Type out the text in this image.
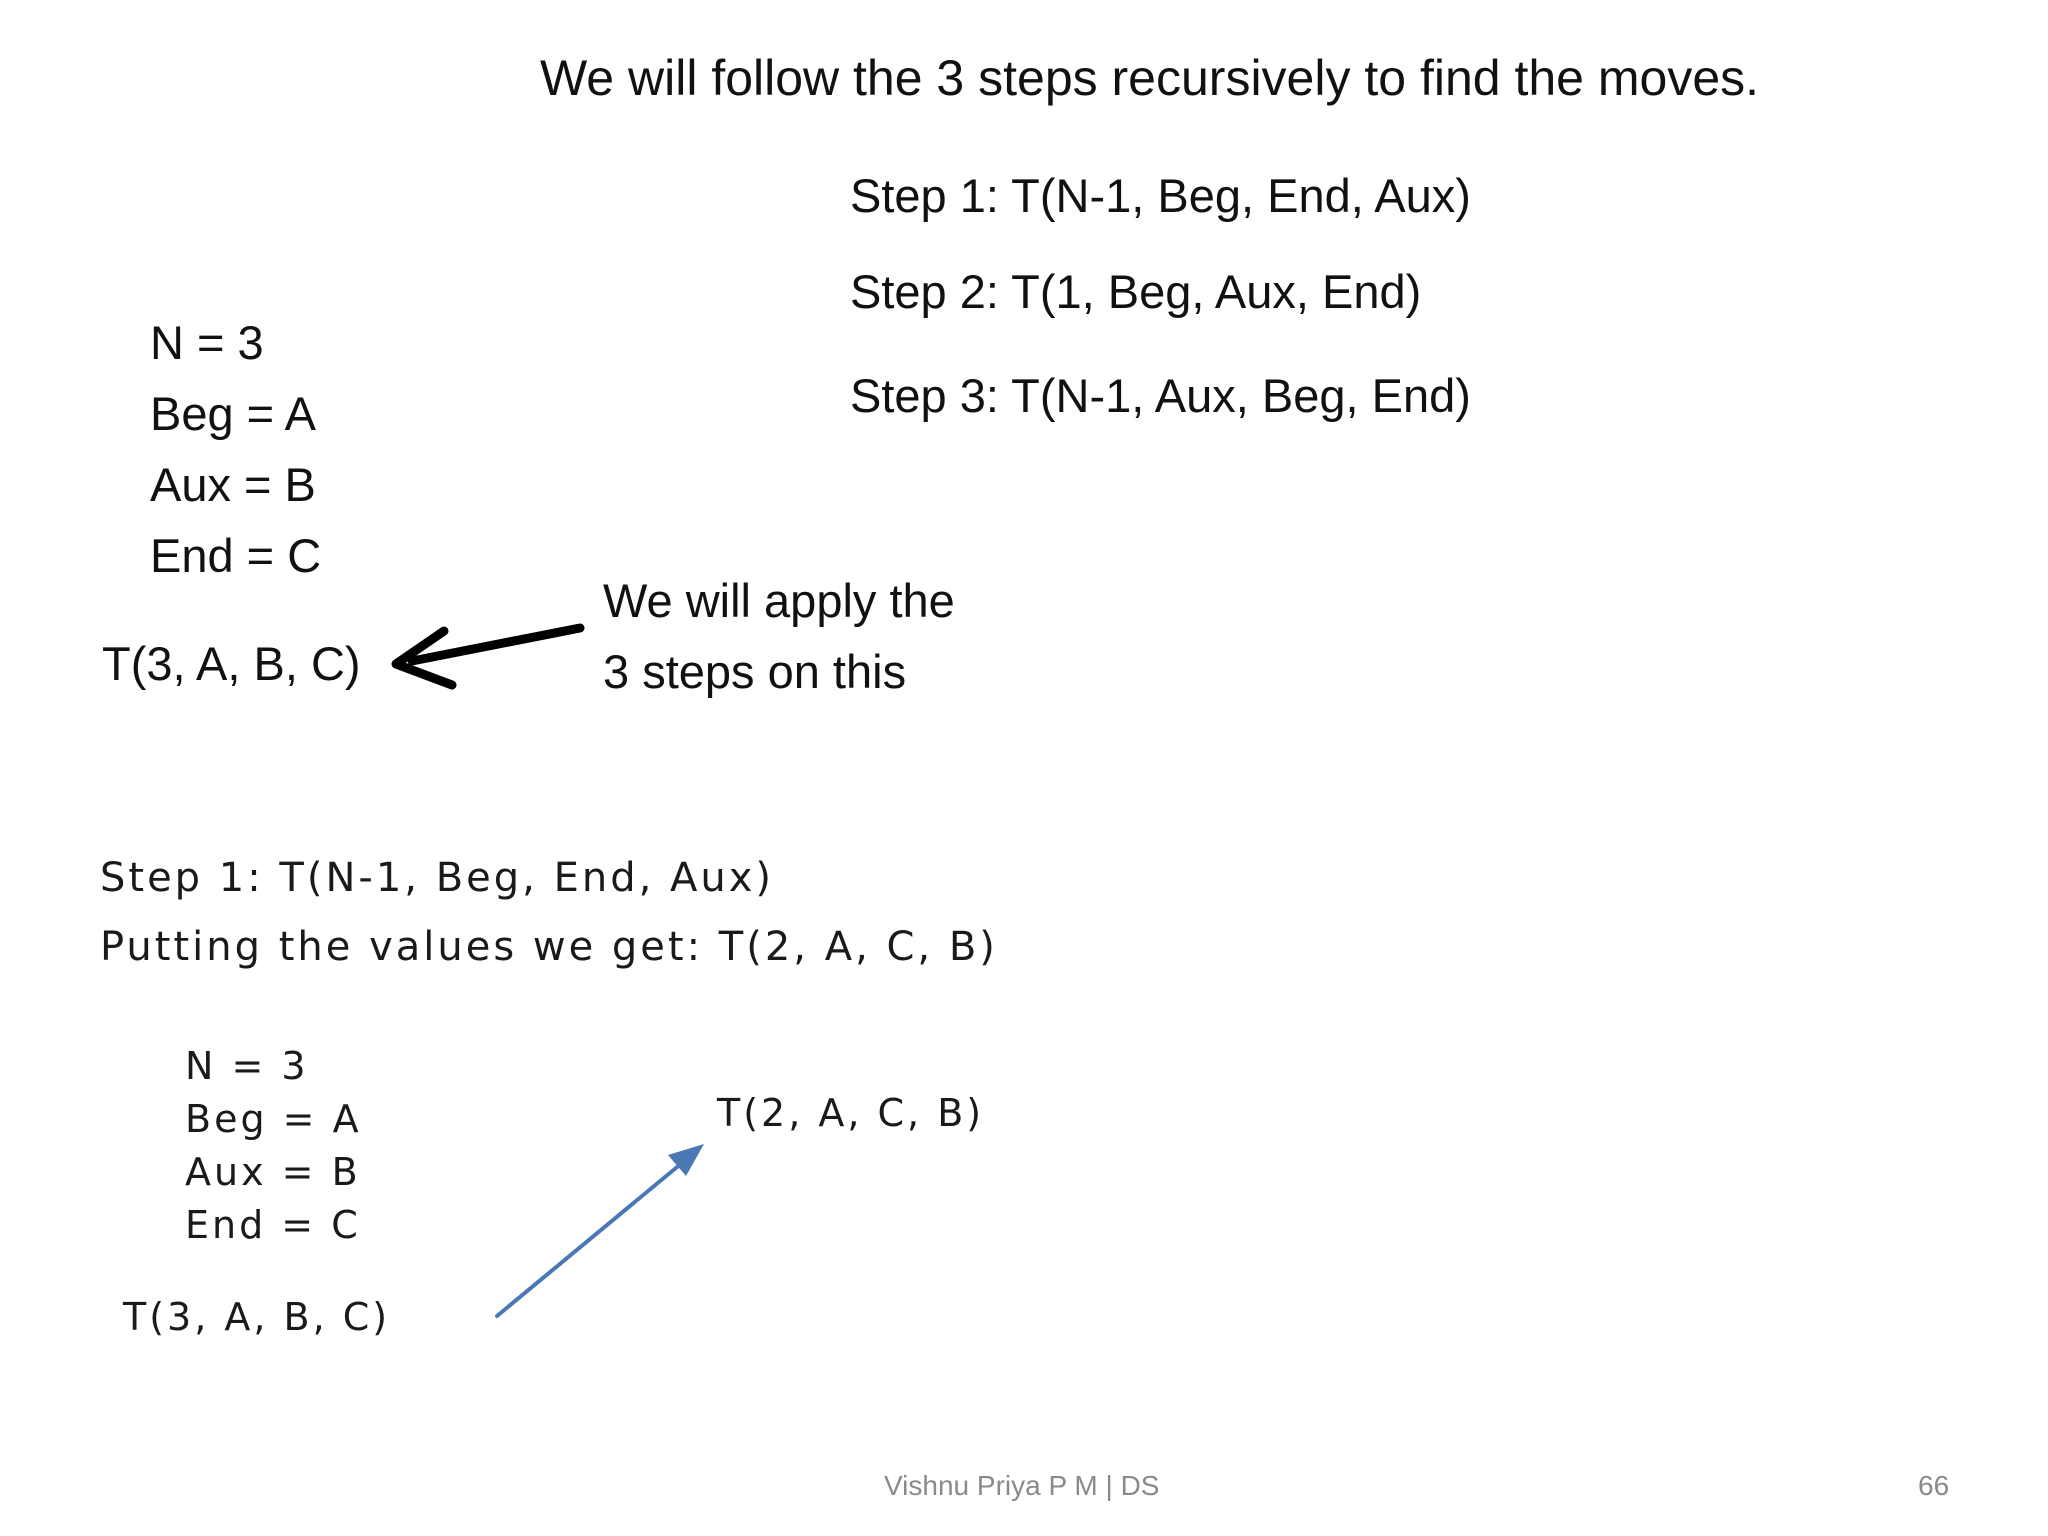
We will follow the 3 steps recursively to find the moves.
Step 1: T(N-1, Beg, End, Aux)
Step 2: T(1, Beg, Aux, End)
Step 3: T(N-1, Aux, Beg, End)
N = 3
Beg = A
Aux = B
End = C
T(3, A, B, C)
We will apply the
3 steps on this
Step 1: T(N-1, Beg, End, Aux)
Putting the values we get: T(2, A, C, B)
N = 3
Beg = A
Aux = B
End = C
T(2, A, C, B)
T(3, A, B, C)
Vishnu Priya P M | DS	66
